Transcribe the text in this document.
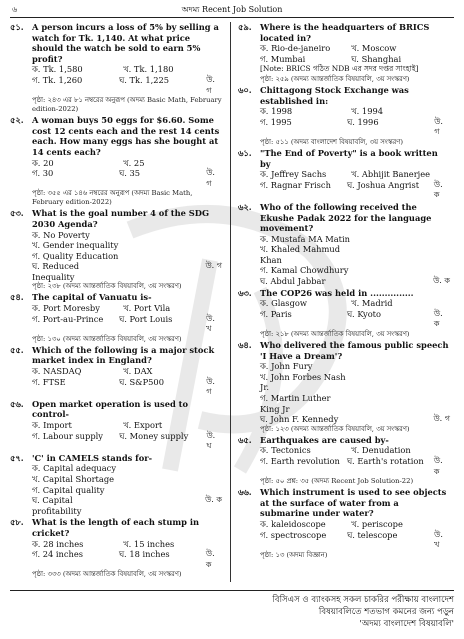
৬	অদম্য Recent Job Solution
৫১.	A person incurs a loss of 5% by selling a watch for Tk. 1,140. At what price should the watch be sold to earn 5% profit?
ক. Tk. 1,580	খ. Tk. 1,180
গ. Tk. 1,260	ঘ. Tk. 1,225	উ. গ
পৃষ্ঠা: ২৪৩ এর ৮১ নম্বরের অনুরূপ (অদম্য Basic Math, February edition-2022)
৫২.	A woman buys 50 eggs for $6.60. Some cost 12 cents each and the rest 14 cents each. How many eggs has she bought at 14 cents each?
ক. 20	খ. 25
গ. 30	ঘ. 35	উ. গ
পৃষ্ঠা: ৩৫৫ এর ১৪৬ নম্বরের অনুরূপ (অদম্য Basic Math, February edition-2022)
৫৩.	What is the goal number 4 of the SDG 2030 Agenda?
ক. No Poverty
খ. Gender inequality
গ. Quality Education
ঘ. Reduced Inequality
উ. গ
পৃষ্ঠা: ২৩৮ (অদম্য আন্তর্জাতিক বিষয়াবলি, ৩য় সংস্করণ)
৫৪.	The capital of Vanuatu is-
ক. Port Moresby	খ. Port Vila
গ. Port-au-Prince	ঘ. Port Louis	উ. খ
পৃষ্ঠা: ১৩০ (অদম্য আন্তর্জাতিক বিষয়াবলি, ৩য় সংস্করণ)
৫৫.	Which of the following is a major stock market index in England?
ক. NASDAQ	খ. DAX
গ. FTSE	ঘ. S&P500	উ. গ
৫৬.	Open market operation is used to control-
ক. Import	খ. Export
গ. Labour supply	ঘ. Money supply	উ. ঘ
৫৭.	'C' in CAMELS stands for-
ক. Capital adequacy
খ. Capital Shortage
গ. Capital quality
ঘ. Capital profitability
উ. ক
৫৮.	What is the length of each stump in cricket?
ক. 28 inches	খ. 15 inches
গ. 24 inches	ঘ. 18 inches	উ. ক
পৃষ্ঠা: ৩৩৩ (অদম্য আন্তর্জাতিক বিষয়াবলি, ৩য় সংস্করণ)
৫৯.	Where is the headquarters of BRICS located in?
ক. Rio-de-janeiro	খ. Moscow
গ. Mumbai	ঘ. Shanghai
[Note: BRICS গঠিত NDB এর সদর দপ্তর সাংহাই]
পৃষ্ঠা: ২৫৯ (অদম্য আন্তর্জাতিক বিষয়াবলি, ৩য় সংস্করণ)
৬০.	Chittagong Stock Exchange was established in:
ক. 1998	খ. 1994
গ. 1995	ঘ. 1996	উ. গ
পৃষ্ঠা: ৫১১ (অদম্য বাংলাদেশ বিষয়াবলি, ৩য় সংস্করণ)
৬১.	"The End of Poverty" is a book written by
ক. Jeffrey Sachs	খ. Abhijit Banerjee
গ. Ragnar Frisch	ঘ. Joshua Angrist	উ. ক
৬২.	Who of the following received the Ekushe Padak 2022 for the language movement?
ক. Mustafa MA Matin
খ. Khaled Mahmud Khan
গ. Kamal Chowdhury
ঘ. Abdul Jabbar	উ. ক
৬৩.	The COP26 was held in ...............
ক. Glasgow	খ. Madrid
গ. Paris	ঘ. Kyoto	উ. ক
পৃষ্ঠা: ২১৮ (অদম্য আন্তর্জাতিক বিষয়াবলি, ৩য় সংস্করণ)
৬৪.	Who delivered the famous public speech 'I Have a Dream'?
ক. John Fury
খ. John Forbes Nash Jr.
গ. Martin Luther King Jr
ঘ. John F. Kennedy	উ. গ
পৃষ্ঠা: ১২৩ (অদম্য আন্তর্জাতিক বিষয়াবলি, ৩য় সংস্করণ)
৬৫.	Earthquakes are caused by-
ক. Tectonics	খ. Denudation
গ. Earth revolution ঘ. Earth's rotation	উ. ক
পৃষ্ঠা: ৫০ প্রশ্ন: ৩৫ (অদম্য Recent Job Solution-22)
৬৬.	Which instrument is used to see objects at the surface of water from a submarine under water?
ক. kaleidoscope	খ. periscope
গ. spectroscope	ঘ. telescope	উ. খ
পৃষ্ঠা: ১৩ (অদম্য বিজ্ঞান)
বিসিএস ও ব্যাংকসহ সকল চাকরির পরীক্ষায় বাংলাদেশ
বিষয়াবলিতে শতভাগ কমনের জন্য পড়ুন
'অদম্য বাংলাদেশ বিষয়াবলি'
